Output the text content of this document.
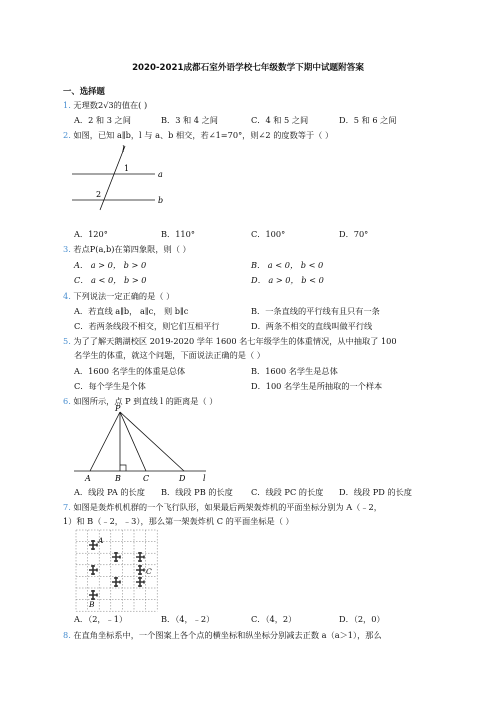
2020-2021成都石室外语学校七年级数学下期中试题附答案
一、选择题
1. 无理数2√3的值在( )
A．2 和 3 之间	B．3 和 4 之间	C．4 和 5 之间	D．5 和 6 之间
2. 如图，已知 a∥b，l 与 a、b 相交，若∠1=70°，则∠2 的度数等于（ ）
l
a
b
1
2
A．120°	B．110°	C．100°	D．70°
3. 若点P(a,b)在第四象限，则（ ）
A． a > 0， b > 0	B． a < 0， b < 0
C． a < 0， b > 0	D． a > 0， b < 0
4. 下列说法一定正确的是（ ）
A．若直线 a∥b， a∥c， 则 b∥c	B．一条直线的平行线有且只有一条
C．若两条线段不相交，则它们互相平行	D．两条不相交的直线叫做平行线
5. 为了了解天鹅湖校区 2019-2020 学年 1600 名七年级学生的体重情况，从中抽取了 100
名学生的体重，就这个问题，下面说法正确的是（ ）
A．1600 名学生的体重是总体	B．1600 名学生是总体
C．每个学生是个体	D．100 名学生是所抽取的一个样本
6. 如图所示，点 P 到直线 l 的距离是（ ）
P
A	B	C	D l
A．线段 PA 的长度 B．线段 PB 的长度 C．线段 PC 的长度 D．线段 PD 的长度
7. 如图是轰炸机机群的一个飞行队形，如果最后两架轰炸机的平面坐标分别为 A（﹣2，
1）和 B（﹣2，﹣3），那么第一架轰炸机 C 的平面坐标是（ ）
A
C
B
A．（2，﹣1）	B．（4，﹣2）	C．（4，2）	D．（2，0）
8. 在直角坐标系中，一个图案上各个点的横坐标和纵坐标分别减去正数 a（a＞1），那么
